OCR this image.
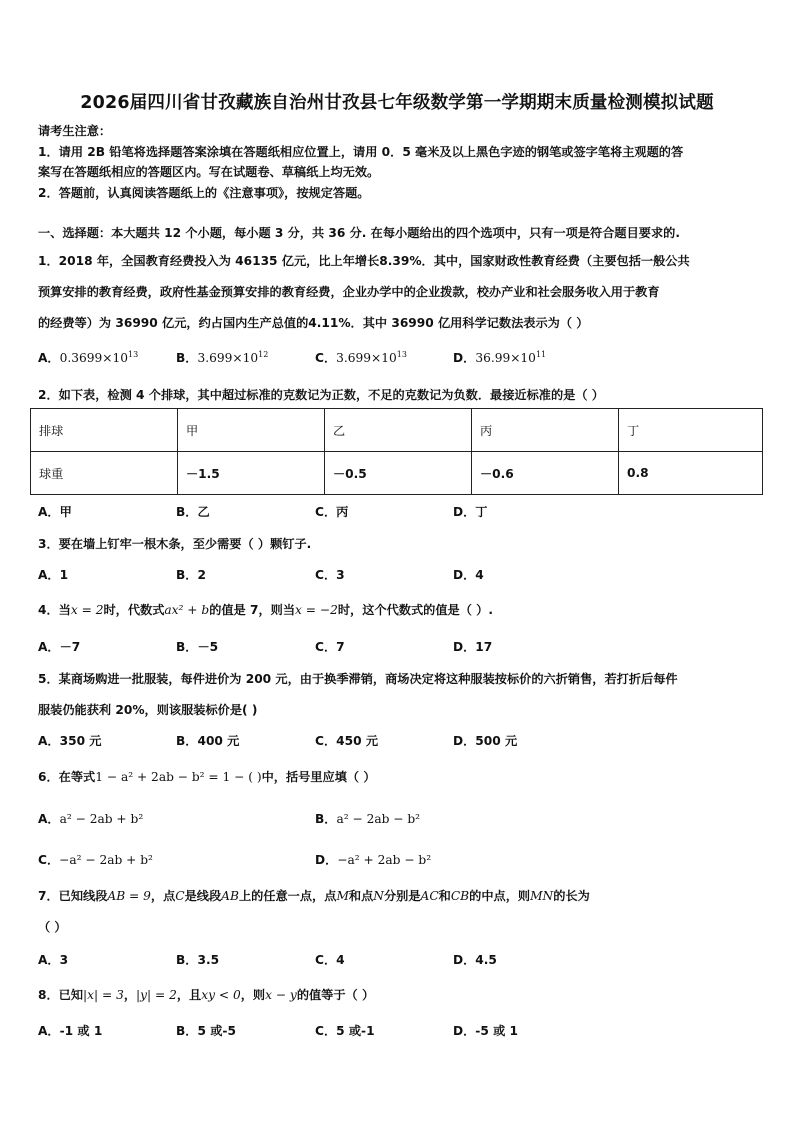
2026届四川省甘孜藏族自治州甘孜县七年级数学第一学期期末质量检测模拟试题
请考生注意：
1．请用 2B 铅笔将选择题答案涂填在答题纸相应位置上，请用 0．5 毫米及以上黑色字迹的钢笔或签字笔将主观题的答
案写在答题纸相应的答题区内。写在试题卷、草稿纸上均无效。
2．答题前，认真阅读答题纸上的《注意事项》，按规定答题。
一、选择题：本大题共 12 个小题，每小题 3 分，共 36 分. 在每小题给出的四个选项中，只有一项是符合题目要求的.
1．2018 年，全国教育经费投入为 46135 亿元，比上年增长8.39%．其中，国家财政性教育经费（主要包括一般公共
预算安排的教育经费，政府性基金预算安排的教育经费，企业办学中的企业拨款，校办产业和社会服务收入用于教育
的经费等）为 36990 亿元，约占国内生产总值的4.11%．其中 36990 亿用科学记数法表示为（ ）
A．$0.3699\times 10^{13}$	B．$3.699\times 10^{12}$	C．$3.699\times 10^{13}$	D．$36.99\times 10^{11}$
2．如下表，检测 4 个排球，其中超过标准的克数记为正数，不足的克数记为负数．最接近标准的是（ ）
排球	甲	乙	丙	丁
球重	－1.5	－0.5	－0.6	0.8
A．甲	B．乙	C．丙	D．丁
3．要在墙上钉牢一根木条，至少需要（ ）颗钉子.
A．1	B．2	C．3	D．4
4．当x = 2时，代数式ax² + b的值是 7，则当x = −2时，这个代数式的值是（ ）.
A．－7	B．－5	C．7	D．17
5．某商场购进一批服装，每件进价为 200 元，由于换季滞销，商场决定将这种服装按标价的六折销售，若打折后每件
服装仍能获利 20%，则该服装标价是( )
A．350 元	B．400 元	C．450 元	D．500 元
6．在等式1 − a² + 2ab − b² = 1 − ( )中，括号里应填（ ）
A．a² − 2ab + b²	B．a² − 2ab − b²
C．−a² − 2ab + b²	D．−a² + 2ab − b²
7．已知线段AB = 9，点C是线段AB上的任意一点，点M和点N分别是AC和CB的中点，则MN的长为
（ ）
A．3	B．3.5	C．4	D．4.5
8．已知|x| = 3，|y| = 2，且xy < 0，则x − y的值等于（ ）
A．-1 或 1	B．5 或-5	C．5 或-1	D．-5 或 1
